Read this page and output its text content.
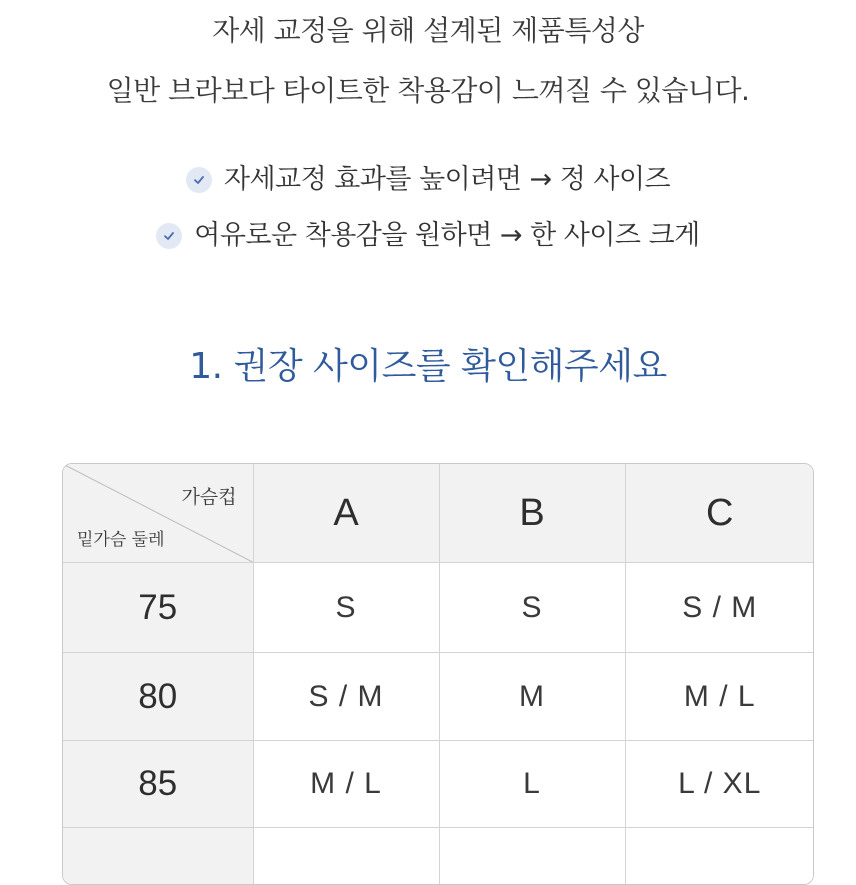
자세 교정을 위해 설계된 제품특성상

일반 브라보다 타이트한 착용감이 느껴질 수 있습니다.

자세교정 효과를 높이려면 → 정 사이즈
여유로운 착용감을 원하면 → 한 사이즈 크게
1. 권장 사이즈를 확인해주세요
가슴컵
밑가슴 둘레	A	B	C
75	S	S	S / M
80	S / M	M	M / L
85	M / L	L	L / XL
